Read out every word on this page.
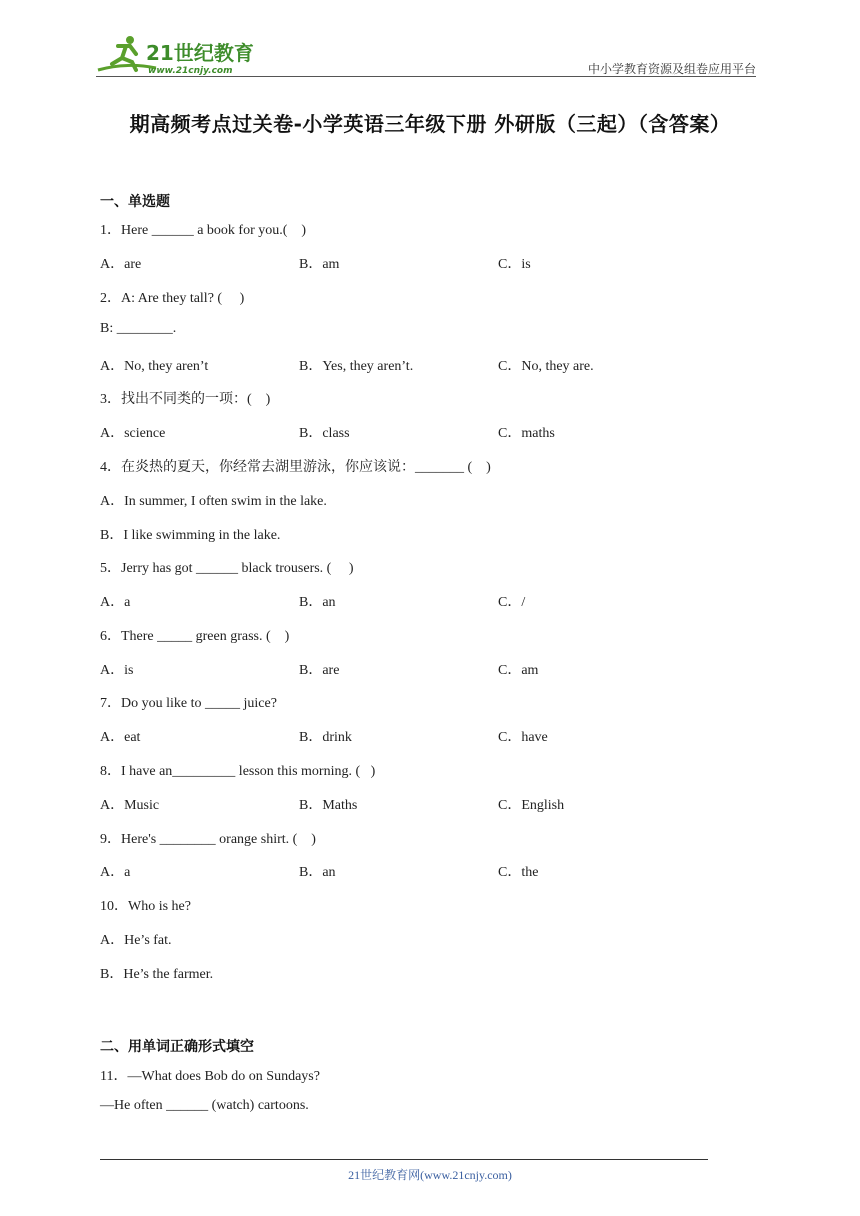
21世纪教育
www.21cnjy.com	中小学教育资源及组卷应用平台
期高频考点过关卷-小学英语三年级下册 外研版（三起）（含答案）
一、单选题
1．Here ______ a book for you.(    )
A．are	B．am	C．is
2．A: Are they tall? (     )
B: ________.
A．No, they aren’t	B．Yes, they aren’t.	C．No, they are.
3．找出不同类的一项：(    )
A．science	B．class	C．maths
4．在炎热的夏天，你经常去湖里游泳，你应该说：_______ (    )
A．In summer, I often swim in the lake.
B．I like swimming in the lake.
5．Jerry has got ______ black trousers. (     )
A．a	B．an	C．/
6．There _____ green grass. (    )
A．is	B．are	C．am
7．Do you like to _____ juice?
A．eat	B．drink	C．have
8．I have an_________ lesson this morning. (   )
A．Music	B．Maths	C．English
9．Here's ________ orange shirt. (    )
A．a	B．an	C．the
10．Who is he?
A．He’s fat.
B．He’s the farmer.
二、用单词正确形式填空
11．—What does Bob do on Sundays?
—He often ______ (watch) cartoons.
21世纪教育网(www.21cnjy.com)
